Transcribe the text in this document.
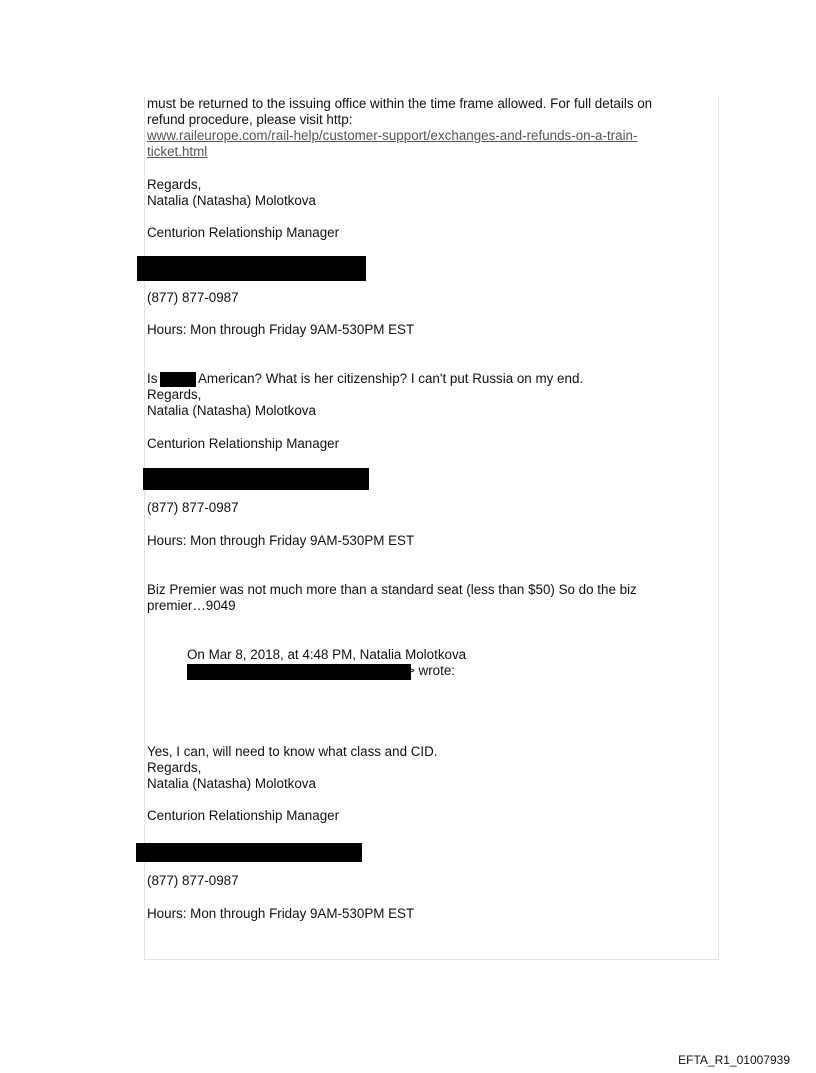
must be returned to the issuing office within the time frame allowed. For full details on
refund procedure, please visit http:
www.raileurope.com/rail-help/customer-support/exchanges-and-refunds-on-a-train-
ticket.html
Regards,
Natalia (Natasha) Molotkova
Centurion Relationship Manager
(877) 877-0987
Hours: Mon through Friday 9AM-530PM EST
Is	American? What is her citizenship? I can't put Russia on my end.
Regards,
Natalia (Natasha) Molotkova
Centurion Relationship Manager
(877) 877-0987
Hours: Mon through Friday 9AM-530PM EST
Biz Premier was not much more than a standard seat (less than $50) So do the biz
premier…9049
On Mar 8, 2018, at 4:48 PM, Natalia Molotkova
> wrote:
Yes, I can, will need to know what class and CID.
Regards,
Natalia (Natasha) Molotkova
Centurion Relationship Manager
(877) 877-0987
Hours: Mon through Friday 9AM-530PM EST
EFTA_R1_01007939
